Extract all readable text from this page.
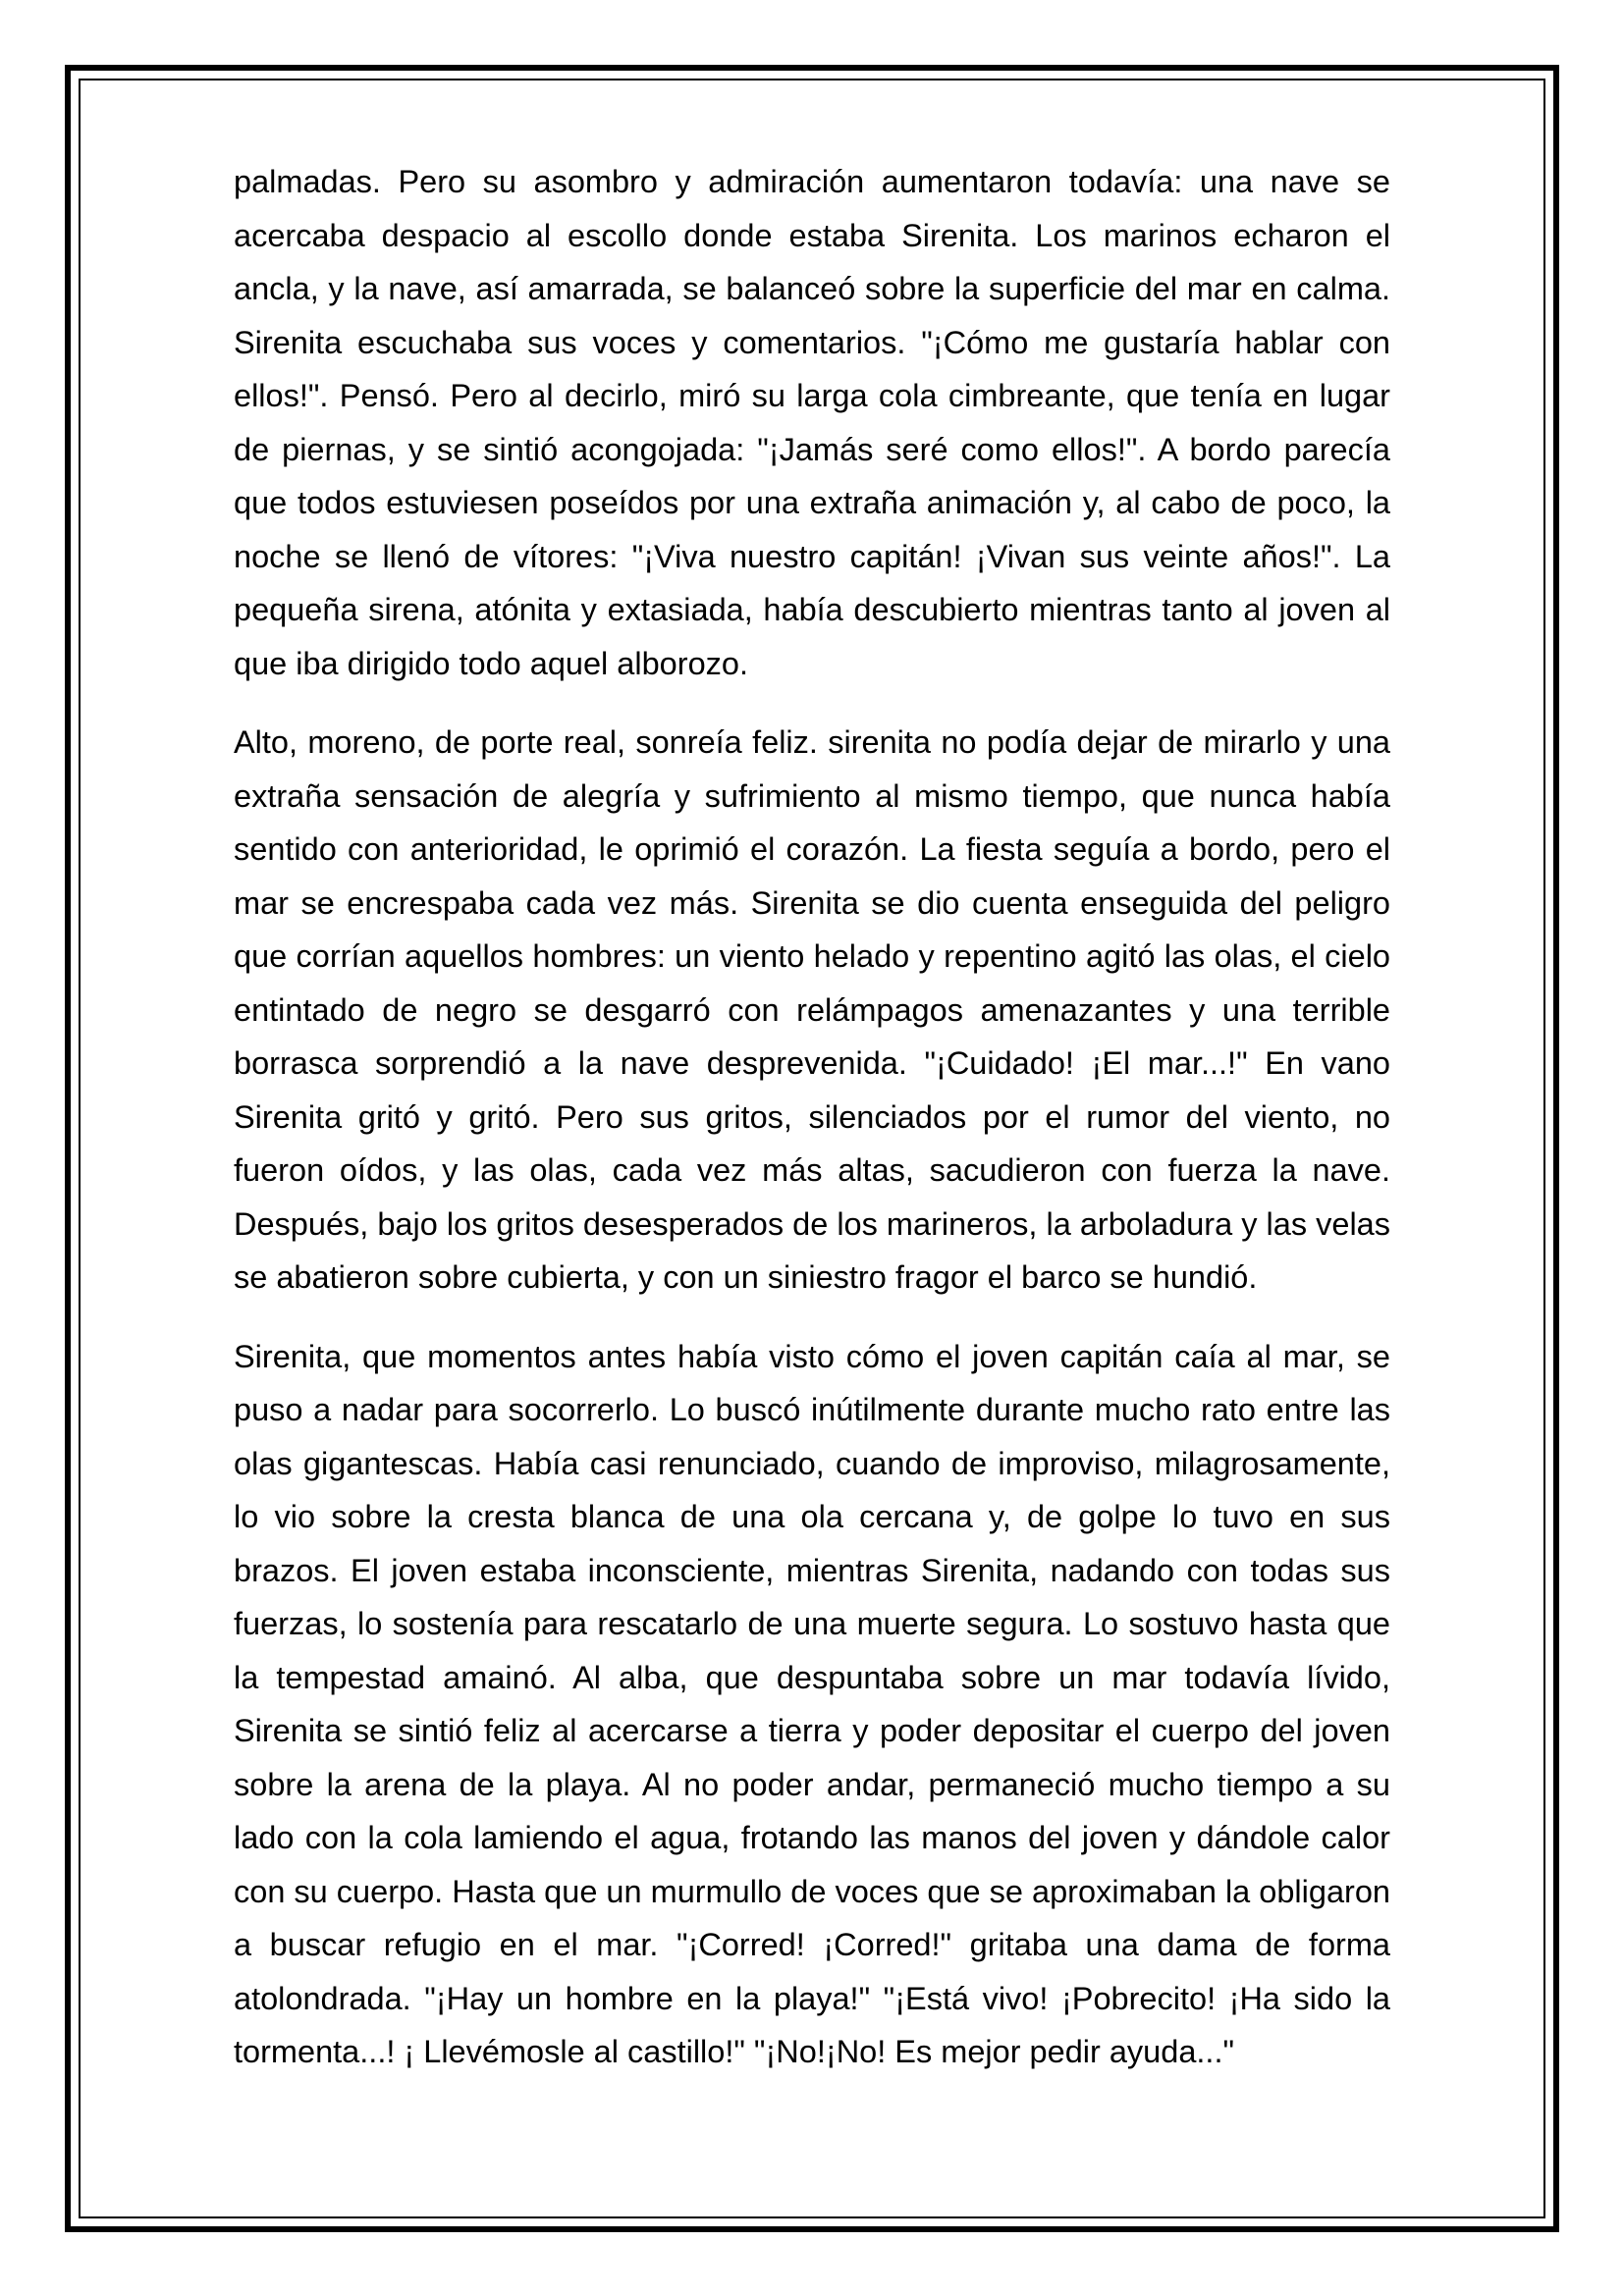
palmadas. Pero su asombro y admiración aumentaron todavía: una nave se acercaba despacio al escollo donde estaba Sirenita. Los marinos echaron el ancla, y la nave, así amarrada, se balanceó sobre la superficie del mar en calma. Sirenita escuchaba sus voces y comentarios. "¡Cómo me gustaría hablar con ellos!". Pensó. Pero al decirlo, miró su larga cola cimbreante, que tenía en lugar de piernas, y se sintió acongojada: "¡Jamás seré como ellos!". A bordo parecía que todos estuviesen poseídos por una extraña animación y, al cabo de poco, la noche se llenó de vítores: "¡Viva nuestro capitán! ¡Vivan sus veinte años!". La pequeña sirena, atónita y extasiada, había descubierto mientras tanto al joven al que iba dirigido todo aquel alborozo.

Alto, moreno, de porte real, sonreía feliz. sirenita no podía dejar de mirarlo y una extraña sensación de alegría y sufrimiento al mismo tiempo, que nunca había sentido con anterioridad, le oprimió el corazón. La fiesta seguía a bordo, pero el mar se encrespaba cada vez más. Sirenita se dio cuenta enseguida del peligro que corrían aquellos hombres: un viento helado y repentino agitó las olas, el cielo entintado de negro se desgarró con relámpagos amenazantes y una terrible borrasca sorprendió a la nave desprevenida. "¡Cuidado! ¡El mar...!" En vano Sirenita gritó y gritó. Pero sus gritos, silenciados por el rumor del viento, no fueron oídos, y las olas, cada vez más altas, sacudieron con fuerza la nave. Después, bajo los gritos desesperados de los marineros, la arboladura y las velas se abatieron sobre cubierta, y con un siniestro fragor el barco se hundió.

Sirenita, que momentos antes había visto cómo el joven capitán caía al mar, se puso a nadar para socorrerlo. Lo buscó inútilmente durante mucho rato entre las olas gigantescas. Había casi renunciado, cuando de improviso, milagrosamente, lo vio sobre la cresta blanca de una ola cercana y, de golpe lo tuvo en sus brazos. El joven estaba inconsciente, mientras Sirenita, nadando con todas sus fuerzas, lo sostenía para rescatarlo de una muerte segura. Lo sostuvo hasta que la tempestad amainó. Al alba, que despuntaba sobre un mar todavía lívido, Sirenita se sintió feliz al acercarse a tierra y poder depositar el cuerpo del joven sobre la arena de la playa. Al no poder andar, permaneció mucho tiempo a su lado con la cola lamiendo el agua, frotando las manos del joven y dándole calor con su cuerpo. Hasta que un murmullo de voces que se aproximaban la obligaron a buscar refugio en el mar. "¡Corred! ¡Corred!" gritaba una dama de forma atolondrada. "¡Hay un hombre en la playa!" "¡Está vivo! ¡Pobrecito! ¡Ha sido la tormenta...! ¡ Llevémosle al castillo!" "¡No!¡No! Es mejor pedir ayuda..."
